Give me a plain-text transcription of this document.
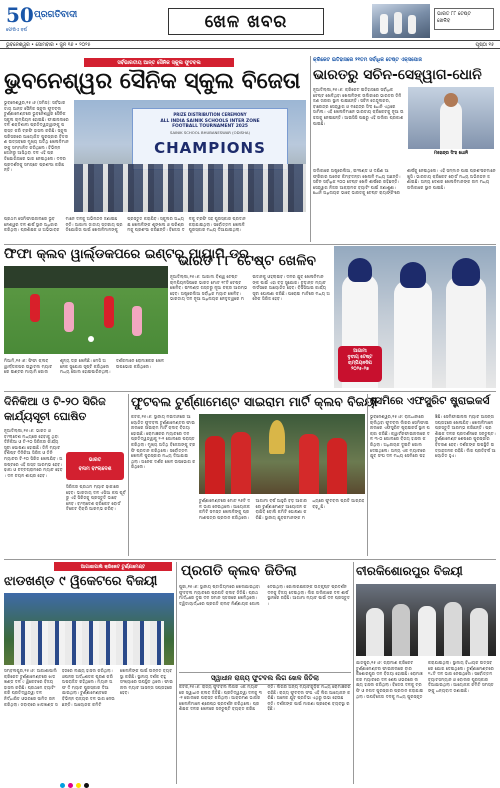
50
ଫେରିଏ ବର୍ଷ
ପ୍ରଗତିବାଦୀ	ଖେଳ ଖବର	ଭାରତ ୮୮ ଟେଷ୍ଟ
ଖେଳିବ
ଭୁବନେଶ୍ୱର ‍• ସୋମବାର • ଜୁନ ୧୬ • ୨୦୨୫	ପୃଷ୍ଠା ୧୫
ସର୍ବଭାରତୀୟ ଆନ୍ତ ସୈନିକ ସ୍କୁଲ ଫୁଟବଲ
ଭୁବନେଶ୍ୱର ସୈନିକ ସ୍କୁଲ ବିଜେତା
ଭୁବନେଶ୍ୱର,୧୫।୬ (ସମିସ): ସର୍ବଭାରତୀୟ ଆନ୍ତ ସୈନିକ ସ୍କୁଲ ଫୁଟବଲ ଟୁର୍ଣ୍ଣାମେଣ୍ଟରେ ଭୁବନେଶ୍ୱର ସୈନିକ ସ୍କୁଲ ଚାମ୍ପିୟନ ହୋଇଛି। ଫାଇନାଲରେ ଦଳ ଶକ୍ତିଶାଳୀ ପ୍ରତିଦ୍ୱନ୍ଦ୍ୱୀଙ୍କୁ ପରାସ୍ତ କରି ଟ୍ରଫି ହାସଲ କରିଛି। ସ୍କୁଲ ପରିସରରେ ଆୟୋଜିତ ପୁରସ୍କାର ବିତରଣ ଉତ୍ସବରେ ମୁଖ୍ୟ ଅତିଥି ଖେଳାଳିମାନଙ୍କୁ ସମ୍ମାନିତ କରିଥିଲେ। ବିଭିନ୍ନ ଜୋନରୁ ଆସିଥିବା ଦଳ ଏହି ପ୍ରତିଯୋଗିତାରେ ଭାଗ ନେଇଥିଲେ। ଦଳର ପ୍ରଦର୍ଶନକୁ ସମସ୍ତେ ପ୍ରଶଂସା କରିଛନ୍ତି।
PRIZE DISTRIBUTION CEREMONY
ALL INDIA SAINIK SCHOOLS INTER ZONE
FOOTBALL TOURNAMENT 2025
SAINIK SCHOOL BHUBANESWAR (ODISHA)
CHAMPIONS
ପ୍ରଥମ ସେମିଫାଇନାଲରେ ଭୁବନେଶ୍ୱର ଦଳ ଶୀର୍ଷ ସ୍ଥାନ ଅଧିକାର କରିଥିଲା। ପ୍ରଶିକ୍ଷକ ଓ ଅଭିଭାବକମାନେ ଦଳକୁ ଅଭିନନ୍ଦନ ଜଣାଇଛନ୍ତି। ଆଗାମୀ ଜାତୀୟ ସ୍ତରୀୟ ପ୍ରତିଯୋଗିତା ପାଇଁ ଖେଳାଳିମାନଙ୍କୁ ପ୍ରସ୍ତୁତ କରାଯିବ। ସ୍କୁଲର ଅଧ୍ୟକ୍ଷ ଖେଳାଳିଙ୍କ ଶୃଙ୍ଖଳା ଓ ପରିଶ୍ରମକୁ ପ୍ରଶଂସା କରିଛନ୍ତି। ବିଜେତା ଦଳକୁ ଟ୍ରଫି ସହ ପୁରସ୍କାର ପ୍ରଦାନ କରାଯାଇଥିଲା। ସର୍ବୋତ୍ତମ ଖେଳାଳି ପୁରସ୍କାର ମଧ୍ୟ ଦିଆଯାଇଥିଲା।
କ୍ରିକେଟ ଇତିହାସରେ ୨୧ତମ ସର୍ବାଧିକ ଟେଷ୍ଟ ଏକ୍ସପୋଜ
ଭାରତରୁ ସଚିନ-ସେହ୍ୱାଗ-ଧୋନି
ନୂଆଦିଲ୍ଲୀ,୧୫।୬: କ୍ରିକେଟ ଇତିହାସରେ ସର୍ବାଧିକ ଟେଷ୍ଟ ଖେଳିଥିବା ଖେଳାଳିଙ୍କ ତାଲିକାରେ ଭାରତର ତିନି ଜଣ ତାରକା ସ୍ଥାନ ପାଇଛନ୍ତି। ସଚିନ ତେନ୍ଦୁଲକର, ବୀରେନ୍ଦ୍ର ସେହ୍ୱାଗ ଓ ମହେନ୍ଦ୍ର ସିଂହ ଧୋନି ଏଥିରେ ସାମିଲ। ଏହି ଖେଳାଳିମାନେ ଭାରତୀୟ କ୍ରିକେଟକୁ ନୂଆ ଉଚ୍ଚତାକୁ ନେଇଛନ୍ତି। ଆଇସିସି ପକ୍ଷରୁ ଏହି ତାଲିକା ପ୍ରକାଶ ପାଇଛି।
ମହେନ୍ଦ୍ର ସିଂହ ଧୋନି
ତାଲିକାରେ ଅଷ୍ଟ୍ରେଲିଆ, ଇଂଲଣ୍ଡ ଓ ଦକ୍ଷିଣ ଆଫ୍ରିକାର ଅନେକ କିମ୍ବଦନ୍ତୀ ଖେଳାଳି ମଧ୍ୟ ଅଛନ୍ତି। ସଚିନ ସର୍ବାଧିକ ୨୦୦ ଟେଷ୍ଟ ଖେଳି ଶୀର୍ଷରେ ରହିଛନ୍ତି। ସେହ୍ୱାଗ ନିଜର ଆକ୍ରାମକ ବ୍ୟାଟିଂ ପାଇଁ ଜଣାଶୁଣା। ଧୋନି ଅଧିନାୟକ ଭାବେ ଭାରତକୁ ଟେଷ୍ଟ ର‍୍ୟାଙ୍କିଂରେ ଶୀର୍ଷକୁ ନେଇଥିଲେ। ଏହି ସମ୍ମାନ ପାଇ ପ୍ରଶଂସକମାନେ ଖୁସି। ଭାରତୀୟ କ୍ରିକେଟ ବୋର୍ଡ ମଧ୍ୟ ଅଭିନନ୍ଦନ ଜଣାଇଛି। ଅନ୍ୟ ଦେଶର ଖେଳାଳିମାନଙ୍କ ନାମ ମଧ୍ୟ ତାଲିକାରେ ସ୍ଥାନ ପାଇଛି।
ଫିଫା କ୍ଲବ ୱାର୍ଲ୍ଡକପରେ ଇଣ୍ଟର ମାୟାମି ଡ୍ର
ମିଆମି,୧୫।୬: ଫିଫା କ୍ଲବ ୱାର୍ଲ୍ଡକପର ଉଦ୍ଘାଟନୀ ମ୍ୟାଚରେ ଇଣ୍ଟର ମାୟାମି ଗୋଲଶୂନ୍ୟ ଡ୍ର ଖେଳିଛି। ମେସି ଅନେକ ସୁଯୋଗ ସୃଷ୍ଟି କରିଥିଲେ ମଧ୍ୟ ଗୋଲ ହୋଇପାରିନଥିଲା। ଦର୍ଶକମାନେ ରୋମାଞ୍ଚକର ଖେଳ ଉପଭୋଗ କରିଥିଲେ।
ଭାରତ ୮୮ ଟେଷ୍ଟ ଖେଳିବ
ନୂଆଦିଲ୍ଲୀ,୧୫।୬: ଆଗାମୀ ବିଶ୍ୱ ଟେଷ୍ଟ ଚାମ୍ପିୟନସିପରେ ଭାରତ ମୋଟ ୧୮ଟି ଟେଷ୍ଟ ଖେଳିବ। ଇଂଲଣ୍ଡ ଗସ୍ତରୁ ନୂଆ ଚକ୍ର ଆରମ୍ଭ ହେବ। ଅଷ୍ଟ୍ରେଲିଆ ସର୍ବାଧିକ ମ୍ୟାଚ ଖେଳିବ। ଭାରତୀୟ ଦଳ ନୂଆ ଅଧିନାୟକ ନେତୃତ୍ୱରେ ମଇଦାନକୁ ଓହ୍ଲାଇବ। ଦଳର ଯୁବ ଖେଳାଳିମାନଙ୍କ ପାଇଁ ଏହା ବଡ଼ ସୁଯୋଗ। ଚୂଡ଼ାନ୍ତ ମ୍ୟାଚ ଲର୍ଡସରେ ଆୟୋଜିତ ହେବ। ବିସିସିଆଇ କାର୍ଯ୍ୟସୂଚୀ ଘୋଷଣା କରିଛି। ଘରୋଇ ମାଟିରେ ମଧ୍ୟ ଅନେକ ସିରିଜ ହେବ।
ଆଗାମୀ
ତୃତୀୟ ଟେଷ୍ଟ
ଚାମ୍ପିୟନସିପ
୨୦୨୫-୨୭
ଦିନିକିଆ ଓ ଟି-୨୦ ସିରିଜ
କାର୍ଯ୍ୟସୂଚୀ ଘୋଷିତ
ନୂଆଦିଲ୍ଲୀ,୧୫।୬: ଭାରତ ଓ ବାଂଲାଦେଶ ମଧ୍ୟରେ ହେବାକୁ ଥିବା ଦିନିକିଆ ଓ ଟି-୨୦ ସିରିଜର କାର୍ଯ୍ୟସୂଚୀ ଘୋଷଣା ହୋଇଛି। ତିନି ମ୍ୟାଚ ବିଶିଷ୍ଟ ଦିନିକିଆ ସିରିଜ ଓ ତିନି ମ୍ୟାଚର ଟି-୨୦ ସିରିଜ ଖେଳାଯିବ। ଅଗଷ୍ଟରେ ଏହି ଗସ୍ତ ଆରମ୍ଭ ହେବ। ଢାକା ଓ ଚଟ୍ଟଗ୍ରାମରେ ମ୍ୟାଚ ହେବ। ଦଳ ଚୟନ ଶୀଘ୍ର ହେବ।
ଭାରତ
ବନାମ ବାଂଲାଦେଶ
ସିରିଜର ପ୍ରଥମ ମ୍ୟାଚ ଢାକାରେ ହେବ। ଭାରତୀୟ ଦଳ ଏସିଆ କପ ପୂର୍ବରୁ ଏହି ସିରିଜକୁ ପ୍ରସ୍ତୁତି ଭାବେ ନେବ। ବାଂଲାଦେଶ କ୍ରିକେଟ ବୋର୍ଡ ଟିକେଟ ବିକ୍ରି ଆରମ୍ଭ କରିବ।
ଫୁଟବଲ ଟୁର୍ଣ୍ଣାମେଣ୍ଟ ସାଇରାମ ମାର୍ଟି କ୍ଲବ ବିଜୟୀ
କଟକ,୧୫।୬: ସ୍ଥାନୀୟ ମଇଦାନରେ ଆୟୋଜିତ ଫୁଟବଲ ଟୁର୍ଣ୍ଣାମେଣ୍ଟର ଫାଇନାଲରେ ସାଇରାମ ମାର୍ଟି କ୍ଲବ ବିଜୟୀ ହୋଇଛି। ରୋମାଞ୍ଚକର ମ୍ୟାଚରେ ଦଳ ପ୍ରତିଦ୍ୱନ୍ଦ୍ୱୀକୁ ୨-୧ ଗୋଲରେ ପରାସ୍ତ କରିଥିଲା। ମୁଖ୍ୟ ଅତିଥି ବିଜେତାଙ୍କୁ ଟ୍ରଫି ପ୍ରଦାନ କରିଥିଲେ। ସର୍ବୋତ୍ତମ ଖେଳାଳି ପୁରସ୍କାର ମଧ୍ୟ ଦିଆଯାଇଥିଲା। ଅନେକ ଦର୍ଶକ ଖେଳ ଉପଭୋଗ କରିଥିଲେ।
ଟୁର୍ଣ୍ଣାମେଣ୍ଟରେ ମୋଟ ୧୬ଟି ଦଳ ଭାଗ ନେଇଥିଲେ। ଆୟୋଜକ କମିଟି ସମସ୍ତ ଖେଳାଳିଙ୍କୁ ପ୍ରମାଣପତ୍ର ପ୍ରଦାନ କରିଥିଲେ। ଆଗାମୀ ବର୍ଷ ଆହୁରି ବଡ଼ ଆକାରରେ ଟୁର୍ଣ୍ଣାମେଣ୍ଟ ଆୟୋଜନ କରାଯିବ ବୋଲି କମିଟି ଘୋଷଣା କରିଛି। ସ୍ଥାନୀୟ ଯୁବକମାନଙ୍କ ମଧ୍ୟରେ ଫୁଟବଲ ପ୍ରତି ଆଗ୍ରହ ବଢ଼ୁଛି।
ସେମିରେ ଏଫସ୍ପ୍ରିଟ ଷ୍ଟ୍ରାଇକର୍ସ
ଭୁବନେଶ୍ୱର,୧୫।୬: ରାଜଧାନୀରେ ଚାଲିଥିବା ଫୁଟବଲ ଲିଗର ସେମିଫାଇନାଲରେ ଏଫସ୍ପ୍ରିଟ ଷ୍ଟ୍ରାଇକର୍ସ ସ୍ଥାନ ପକ୍କା କରିଛି। କ୍ୱାର୍ଟରଫାଇନାଲରେ ଦଳ ୩-୦ ଗୋଲରେ ବିଜୟ ହାସଲ କରିଥିଲା। ଅଧିନାୟକ ଦୁଇଟି ଗୋଲ ଦେଇଥିଲେ। ଅନ୍ୟ ଏକ ମ୍ୟାଚରେ ଯୁବ ସଂଘ ଦଳ ମଧ୍ୟ ସେମିରେ ପହଞ୍ଚିଛି। ସେମିଫାଇନାଲ ମ୍ୟାଚ ଆସନ୍ତା ସପ୍ତାହରେ ଖେଳାଯିବ। ଖେଳାଳିମାନେ ପ୍ରସ୍ତୁତି ଆରମ୍ଭ କରିଛନ୍ତି। ପ୍ରଶିକ୍ଷକ ଦଳର ପ୍ରଦର୍ଶନରେ ସନ୍ତୁଷ୍ଟ। ଟୁର୍ଣ୍ଣାମେଣ୍ଟ ଶେଷରେ ପୁରସ୍କାର ବିତରଣ ହେବ। ଦର୍ଶକଙ୍କ ଉପସ୍ଥିତି ଉତ୍ସାହଜନକ ରହିଛି। ଲିଗ ପ୍ରତିବର୍ଷ ଆୟୋଜିତ ହୁଏ।
ଆଗାଶାପାଲି କ୍ରିକେଟ ଟୁର୍ଣ୍ଣାମେଣ୍ଟ
ଝାଡଖଣ୍ଡ ୯ ୱିକେଟରେ ବିଜୟୀ
ସମ୍ବଲପୁର,୧୫।୬: ଆଗାଶାପାଲି କ୍ରିକେଟ ଟୁର୍ଣ୍ଣାମେଣ୍ଟରେ ଝାଡଖଣ୍ଡ ଦଳ ୯ ୱିକେଟରେ ବିଜୟ ହାସଲ କରିଛି। ପ୍ରଥମେ ବ୍ୟାଟିଂ କରି ପ୍ରତିଦ୍ୱନ୍ଦ୍ୱୀ ଦଳ ନିର୍ଦ୍ଧାରିତ ଓଭରରେ ସୀମିତ ରନ କରିଥିଲା। ଜବାବରେ ଝାଡଖଣ୍ଡ ସହଜରେ ଲକ୍ଷ୍ୟ ହାସଲ କରିଥିଲା। ଓପନର ଅର୍ଦ୍ଧଶତକ ପୂରଣ କରି ଅପରାଜିତ ରହିଥିଲେ। ମ୍ୟାନ ଅଫ ଦି ମ୍ୟାଚ ପୁରସ୍କାର ଦିଆଯାଇଥିଲା। ଟୁର୍ଣ୍ଣାମେଣ୍ଟରେ ବିଭିନ୍ନ ରାଜ୍ୟର ଦଳ ଭାଗ ନେଉଛନ୍ତି। ଆୟୋଜକ କମିଟି ଖେଳାଳିଙ୍କ ପାଇଁ ଉନ୍ନତ ବ୍ୟବସ୍ଥା କରିଛି। ସ୍ଥାନୀୟ ଦର୍ଶକ ବହୁ ସଂଖ୍ୟାରେ ଉପସ୍ଥିତ ଥିଲେ। ଫାଇନାଲ ମ୍ୟାଚ ଆସନ୍ତା ସପ୍ତାହରେ ହେବ।
ପ୍ରଗତି କ୍ଲବ ଜିତିଲା
ପୁରୀ,୧୫।୬: ସ୍ଥାନୀୟ ଷ୍ଟାଡିୟମରେ ଖେଳାଯାଇଥିବା ଫୁଟବଲ ମ୍ୟାଚରେ ପ୍ରଗତି କ୍ଲବ ଜିତିଛି। ପ୍ରଥମାର୍ଦ୍ଧରେ ଦୁଇ ଦଳ ସମାନ ସ୍ତରରେ ଖେଳିଥିଲେ। ଦ୍ୱିତୀୟାର୍ଦ୍ଧରେ ପ୍ରଗତି କ୍ଲବ ନିର୍ଣ୍ଣାୟକ ଗୋଲ ଦେଇଥିଲା। ଗୋଲରକ୍ଷକଙ୍କ ଉତ୍କୃଷ୍ଟ ପ୍ରଦର୍ଶନ ଦଳକୁ ବିଜୟ ଦେଇଥିଲା। ଲିଗ ତାଲିକାରେ ଦଳ ଶୀର୍ଷ ସ୍ଥାନରେ ରହିଛି। ଆଗାମୀ ମ୍ୟାଚ ପାଇଁ ଦଳ ପ୍ରସ୍ତୁତ।
ସ୍ୱାଧୀନ ରାଜ୍ୟ ଫୁଟବଲ ଲିଗ ଖେଳ ଜିତିଲା
କଟକ,୧୫।୬: ରାଜ୍ୟ ଫୁଟବଲ ଲିଗର ଏକ ମ୍ୟାଚରେ ସ୍ୱାଧୀନ କ୍ଲବ ଜିତିଛି। ପ୍ରତିଦ୍ୱନ୍ଦ୍ୱୀ ଦଳକୁ ୩-୧ ଗୋଲରେ ପରାସ୍ତ କରିଥିଲା। ଆକ୍ରମଣ ଭାଗର ଖେଳାଳିମାନେ ଶ୍ରେଷ୍ଠ ପ୍ରଦର୍ଶନ କରିଥିଲେ। ପ୍ରଶିକ୍ଷକ ଦଳର ଖେଳରେ ସନ୍ତୁଷ୍ଟି ବ୍ୟକ୍ତ କରିଛନ୍ତି। ଲିଗର ଅନ୍ୟ ମ୍ୟାଚଗୁଡ଼ିକ ମଧ୍ୟ ରୋମାଞ୍ଚକର ରହିଛି। ରାଜ୍ୟ ଫୁଟବଲ ସଂଘ ଏହି ଲିଗ ଆୟୋଜନ କରିଛି। ଅନେକ ଯୁବ ପ୍ରତିଭା ଏଥିରୁ ଉଭା ହେଉଛନ୍ତି। ଦର୍ଶକଙ୍କ ପାଇଁ ମାଗଣା ପ୍ରବେଶ ବ୍ୟବସ୍ଥା ରହିଛି।
ବୀରକିଶୋରପୁର ବିଜୟୀ
ଯାଜପୁର,୧୫।୬: ଗ୍ରାମୀଣ କ୍ରିକେଟ ଟୁର୍ଣ୍ଣାମେଣ୍ଟର ଫାଇନାଲରେ ବୀରକିଶୋରପୁର ଦଳ ବିଜୟୀ ହୋଇଛି। ରୋମାଞ୍ଚକର ମ୍ୟାଚରେ ଦଳ ଶେଷ ଓଭରରେ ଲକ୍ଷ୍ୟ ହାସଲ କରିଥିଲା। ବିଜେତା ଦଳକୁ ଟ୍ରଫି ଓ ନଗଦ ପୁରସ୍କାର ପ୍ରଦାନ କରାଯାଇଥିଲା। ଉପବିଜେତା ଦଳକୁ ମଧ୍ୟ ପୁରସ୍କୃତ କରାଯାଇଥିଲା। ସ୍ଥାନୀୟ ବିଧାୟକ ଉତ୍ସବରେ ଯୋଗ ଦେଇଥିଲେ। ଟୁର୍ଣ୍ଣାମେଣ୍ଟରେ ୨୪ଟି ଦଳ ଭାଗ ନେଇଥିଲେ। ସର୍ବୋତ୍ତମ ବ୍ୟାଟସମ୍ୟାନ ଓ ବୋଲର ପୁରସ୍କାର ଦିଆଯାଇଥିଲା। ଆୟୋଜକ କମିଟି ସମସ୍ତଙ୍କୁ ଧନ୍ୟବାଦ ଜଣାଇଛି।
